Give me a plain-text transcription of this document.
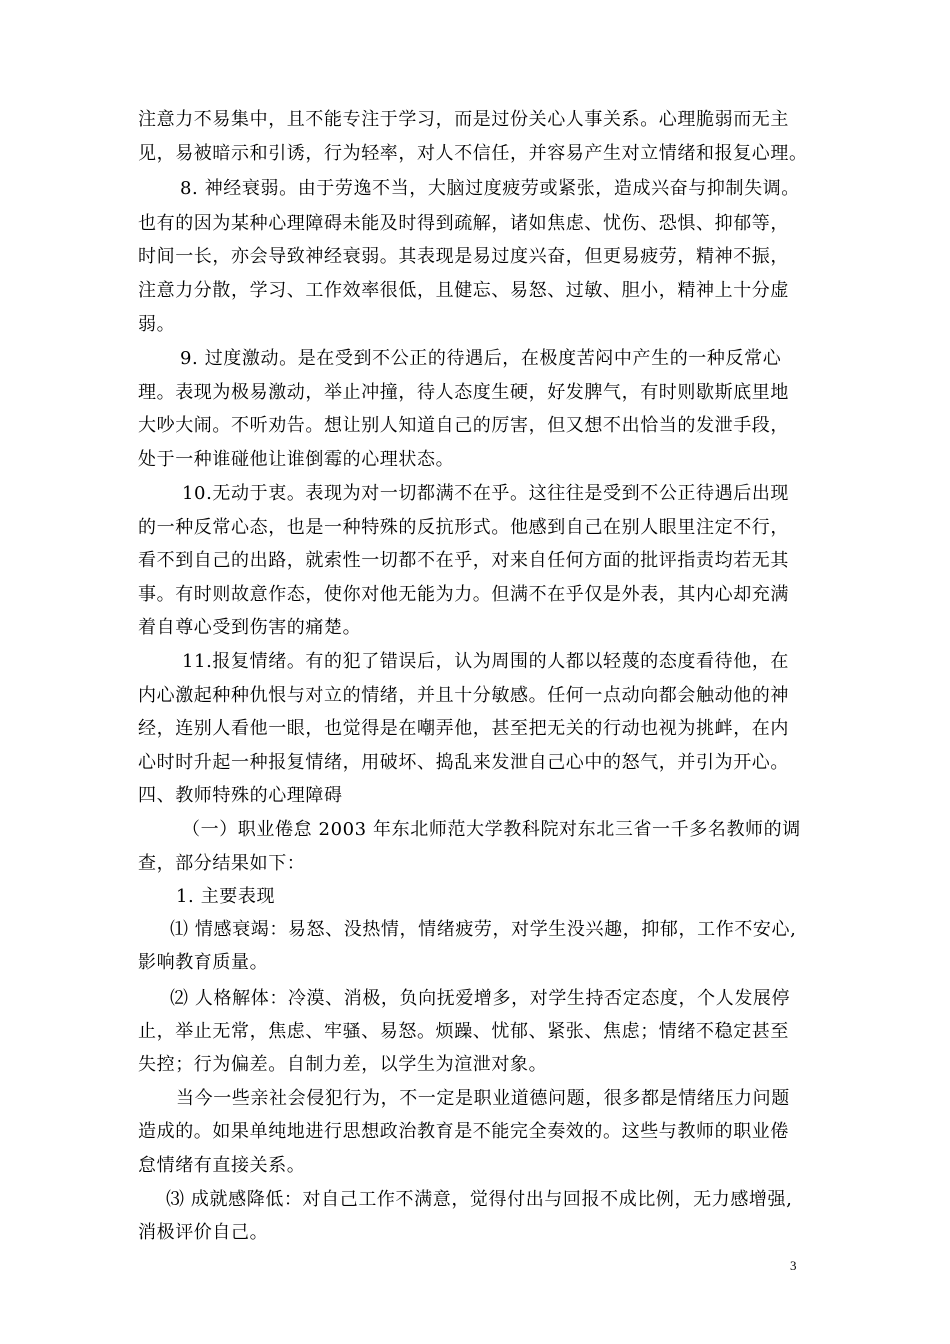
注意力不易集中，且不能专注于学习，而是过份关心人事关系。心理脆弱而无主
见，易被暗示和引诱，行为轻率，对人不信任，并容易产生对立情绪和报复心理。
8. 神经衰弱。由于劳逸不当，大脑过度疲劳或紧张，造成兴奋与抑制失调。
也有的因为某种心理障碍未能及时得到疏解，诸如焦虑、忧伤、恐惧、抑郁等，
时间一长，亦会导致神经衰弱。其表现是易过度兴奋，但更易疲劳，精神不振，
注意力分散，学习、工作效率很低，且健忘、易怒、过敏、胆小，精神上十分虚
弱。
9. 过度激动。是在受到不公正的待遇后，在极度苦闷中产生的一种反常心
理。表现为极易激动，举止冲撞，待人态度生硬，好发脾气，有时则歇斯底里地
大吵大闹。不听劝告。想让别人知道自己的厉害，但又想不出恰当的发泄手段，
处于一种谁碰他让谁倒霉的心理状态。
10.无动于衷。表现为对一切都满不在乎。这往往是受到不公正待遇后出现
的一种反常心态，也是一种特殊的反抗形式。他感到自己在别人眼里注定不行，
看不到自己的出路，就索性一切都不在乎，对来自任何方面的批评指责均若无其
事。有时则故意作态，使你对他无能为力。但满不在乎仅是外表，其内心却充满
着自尊心受到伤害的痛楚。
11.报复情绪。有的犯了错误后，认为周围的人都以轻蔑的态度看待他，在
内心激起种种仇恨与对立的情绪，并且十分敏感。任何一点动向都会触动他的神
经，连别人看他一眼，也觉得是在嘲弄他，甚至把无关的行动也视为挑衅，在内
心时时升起一种报复情绪，用破坏、捣乱来发泄自己心中的怒气，并引为开心。
四、教师特殊的心理障碍
（一）职业倦怠 2003 年东北师范大学教科院对东北三省一千多名教师的调
查，部分结果如下：
1. 主要表现
⑴ 情感衰竭：易怒、没热情，情绪疲劳，对学生没兴趣，抑郁，工作不安心,
影响教育质量。
⑵ 人格解体：冷漠、消极，负向抚爱增多，对学生持否定态度，个人发展停
止，举止无常，焦虑、牢骚、易怒。烦躁、忧郁、紧张、焦虑；情绪不稳定甚至
失控；行为偏差。自制力差，以学生为渲泄对象。
当今一些亲社会侵犯行为，不一定是职业道德问题，很多都是情绪压力问题
造成的。如果单纯地进行思想政治教育是不能完全奏效的。这些与教师的职业倦
怠情绪有直接关系。
⑶ 成就感降低：对自己工作不满意，觉得付出与回报不成比例，无力感增强,
消极评价自己。
3
